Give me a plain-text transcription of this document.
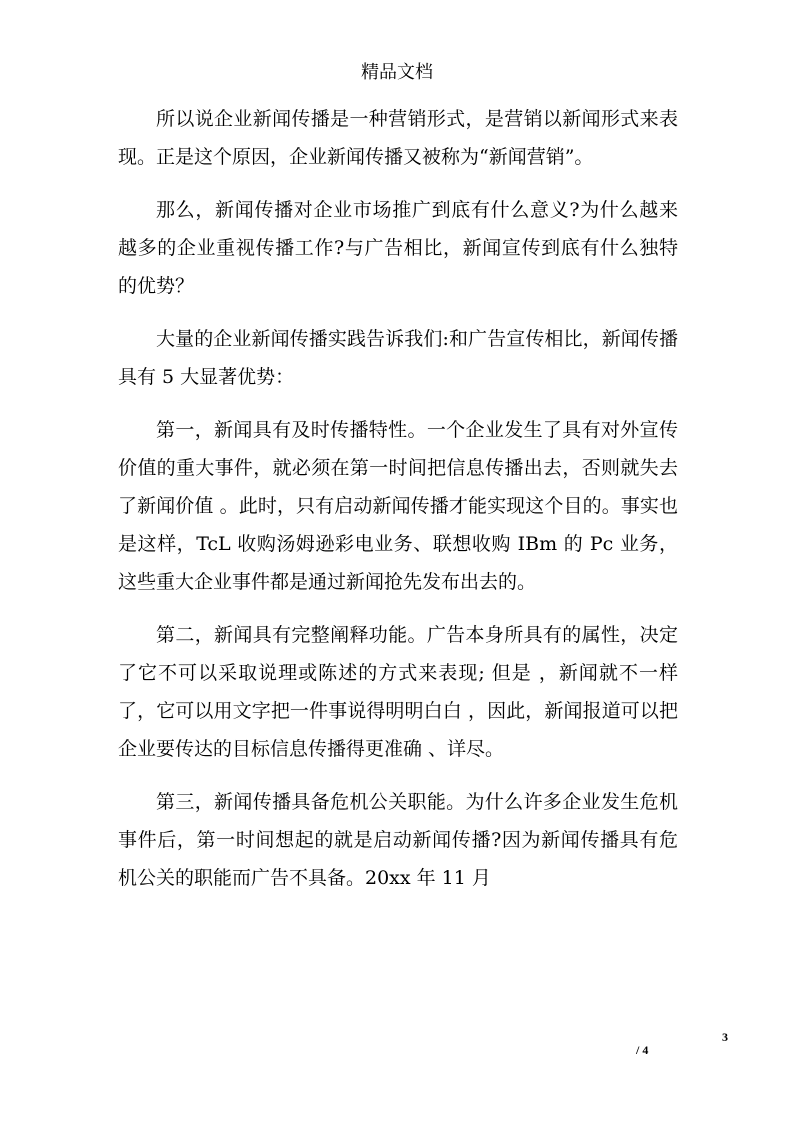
精品文档

所以说企业新闻传播是一种营销形式，是营销以新闻形式来表现。正是这个原因，企业新闻传播又被称为“新闻营销”。

那么，新闻传播对企业市场推广到底有什么意义?为什么越来越多的企业重视传播工作?与广告相比，新闻宣传到底有什么独特的优势？

大量的企业新闻传播实践告诉我们:和广告宣传相比，新闻传播具有 5 大显著优势：

第一，新闻具有及时传播特性。一个企业发生了具有对外宣传价值的重大事件，就必须在第一时间把信息传播出去，否则就失去了新闻价值 。此时，只有启动新闻传播才能实现这个目的。事实也是这样，TcL 收购汤姆逊彩电业务、联想收购 IBm 的 Pc 业务，这些重大企业事件都是通过新闻抢先发布出去的。

第二，新闻具有完整阐释功能。广告本身所具有的属性，决定了它不可以采取说理或陈述的方式来表现; 但是 ，新闻就不一样了，它可以用文字把一件事说得明明白白 ，因此，新闻报道可以把企业要传达的目标信息传播得更准确 、详尽。

第三，新闻传播具备危机公关职能。为什么许多企业发生危机事件后，第一时间想起的就是启动新闻传播?因为新闻传播具有危机公关的职能而广告不具备。20xx 年 11 月

3
/ 4
